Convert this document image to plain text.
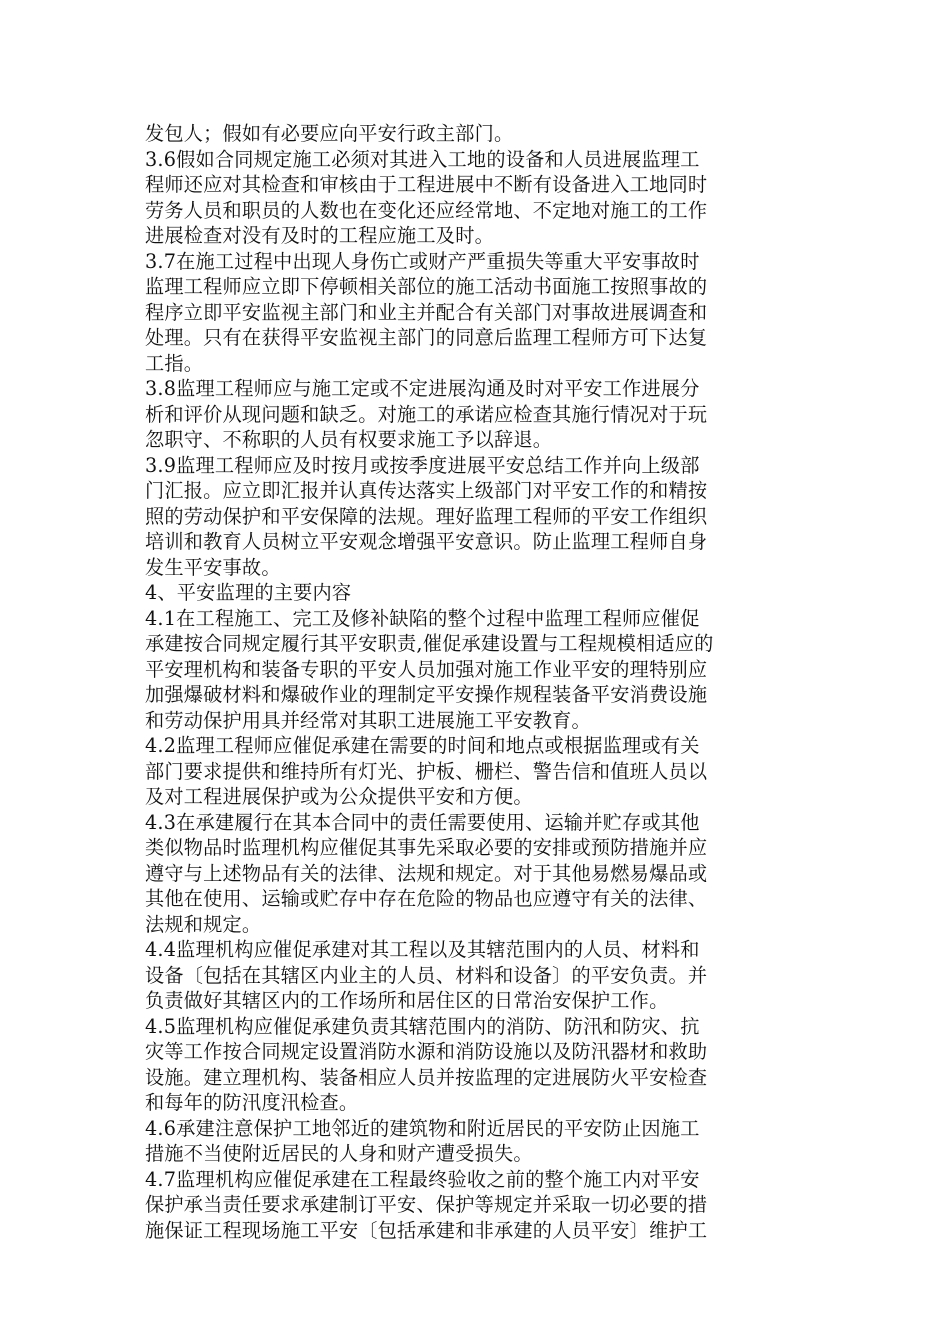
发包人；假如有必要应向平安行政主部门。
3.6假如合同规定施工必须对其进入工地的设备和人员进展监理工
程师还应对其检查和审核由于工程进展中不断有设备进入工地同时
劳务人员和职员的人数也在变化还应经常地、不定地对施工的工作
进展检查对没有及时的工程应施工及时。
3.7在施工过程中出现人身伤亡或财产严重损失等重大平安事故时
监理工程师应立即下停顿相关部位的施工活动书面施工按照事故的
程序立即平安监视主部门和业主并配合有关部门对事故进展调查和
处理。只有在获得平安监视主部门的同意后监理工程师方可下达复
工指。
3.8监理工程师应与施工定或不定进展沟通及时对平安工作进展分
析和评价从现问题和缺乏。对施工的承诺应检查其施行情况对于玩
忽职守、不称职的人员有权要求施工予以辞退。
3.9监理工程师应及时按月或按季度进展平安总结工作并向上级部
门汇报。应立即汇报并认真传达落实上级部门对平安工作的和精按
照的劳动保护和平安保障的法规。理好监理工程师的平安工作组织
培训和教育人员树立平安观念增强平安意识。防止监理工程师自身
发生平安事故。
4、平安监理的主要内容
4.1在工程施工、完工及修补缺陷的整个过程中监理工程师应催促
承建按合同规定履行其平安职责,催促承建设置与工程规模相适应的
平安理机构和装备专职的平安人员加强对施工作业平安的理特别应
加强爆破材料和爆破作业的理制定平安操作规程装备平安消费设施
和劳动保护用具并经常对其职工进展施工平安教育。
4.2监理工程师应催促承建在需要的时间和地点或根据监理或有关
部门要求提供和维持所有灯光、护板、栅栏、警告信和值班人员以
及对工程进展保护或为公众提供平安和方便。
4.3在承建履行在其本合同中的责任需要使用、运输并贮存或其他
类似物品时监理机构应催促其事先采取必要的安排或预防措施并应
遵守与上述物品有关的法律、法规和规定。对于其他易燃易爆品或
其他在使用、运输或贮存中存在危险的物品也应遵守有关的法律、
法规和规定。
4.4监理机构应催促承建对其工程以及其辖范围内的人员、材料和
设备〔包括在其辖区内业主的人员、材料和设备〕的平安负责。并
负责做好其辖区内的工作场所和居住区的日常治安保护工作。
4.5监理机构应催促承建负责其辖范围内的消防、防汛和防灾、抗
灾等工作按合同规定设置消防水源和消防设施以及防汛器材和救助
设施。建立理机构、装备相应人员并按监理的定进展防火平安检查
和每年的防汛度汛检查。
4.6承建注意保护工地邻近的建筑物和附近居民的平安防止因施工
措施不当使附近居民的人身和财产遭受损失。
4.7监理机构应催促承建在工程最终验收之前的整个施工内对平安
保护承当责任要求承建制订平安、保护等规定并采取一切必要的措
施保证工程现场施工平安〔包括承建和非承建的人员平安〕维护工
